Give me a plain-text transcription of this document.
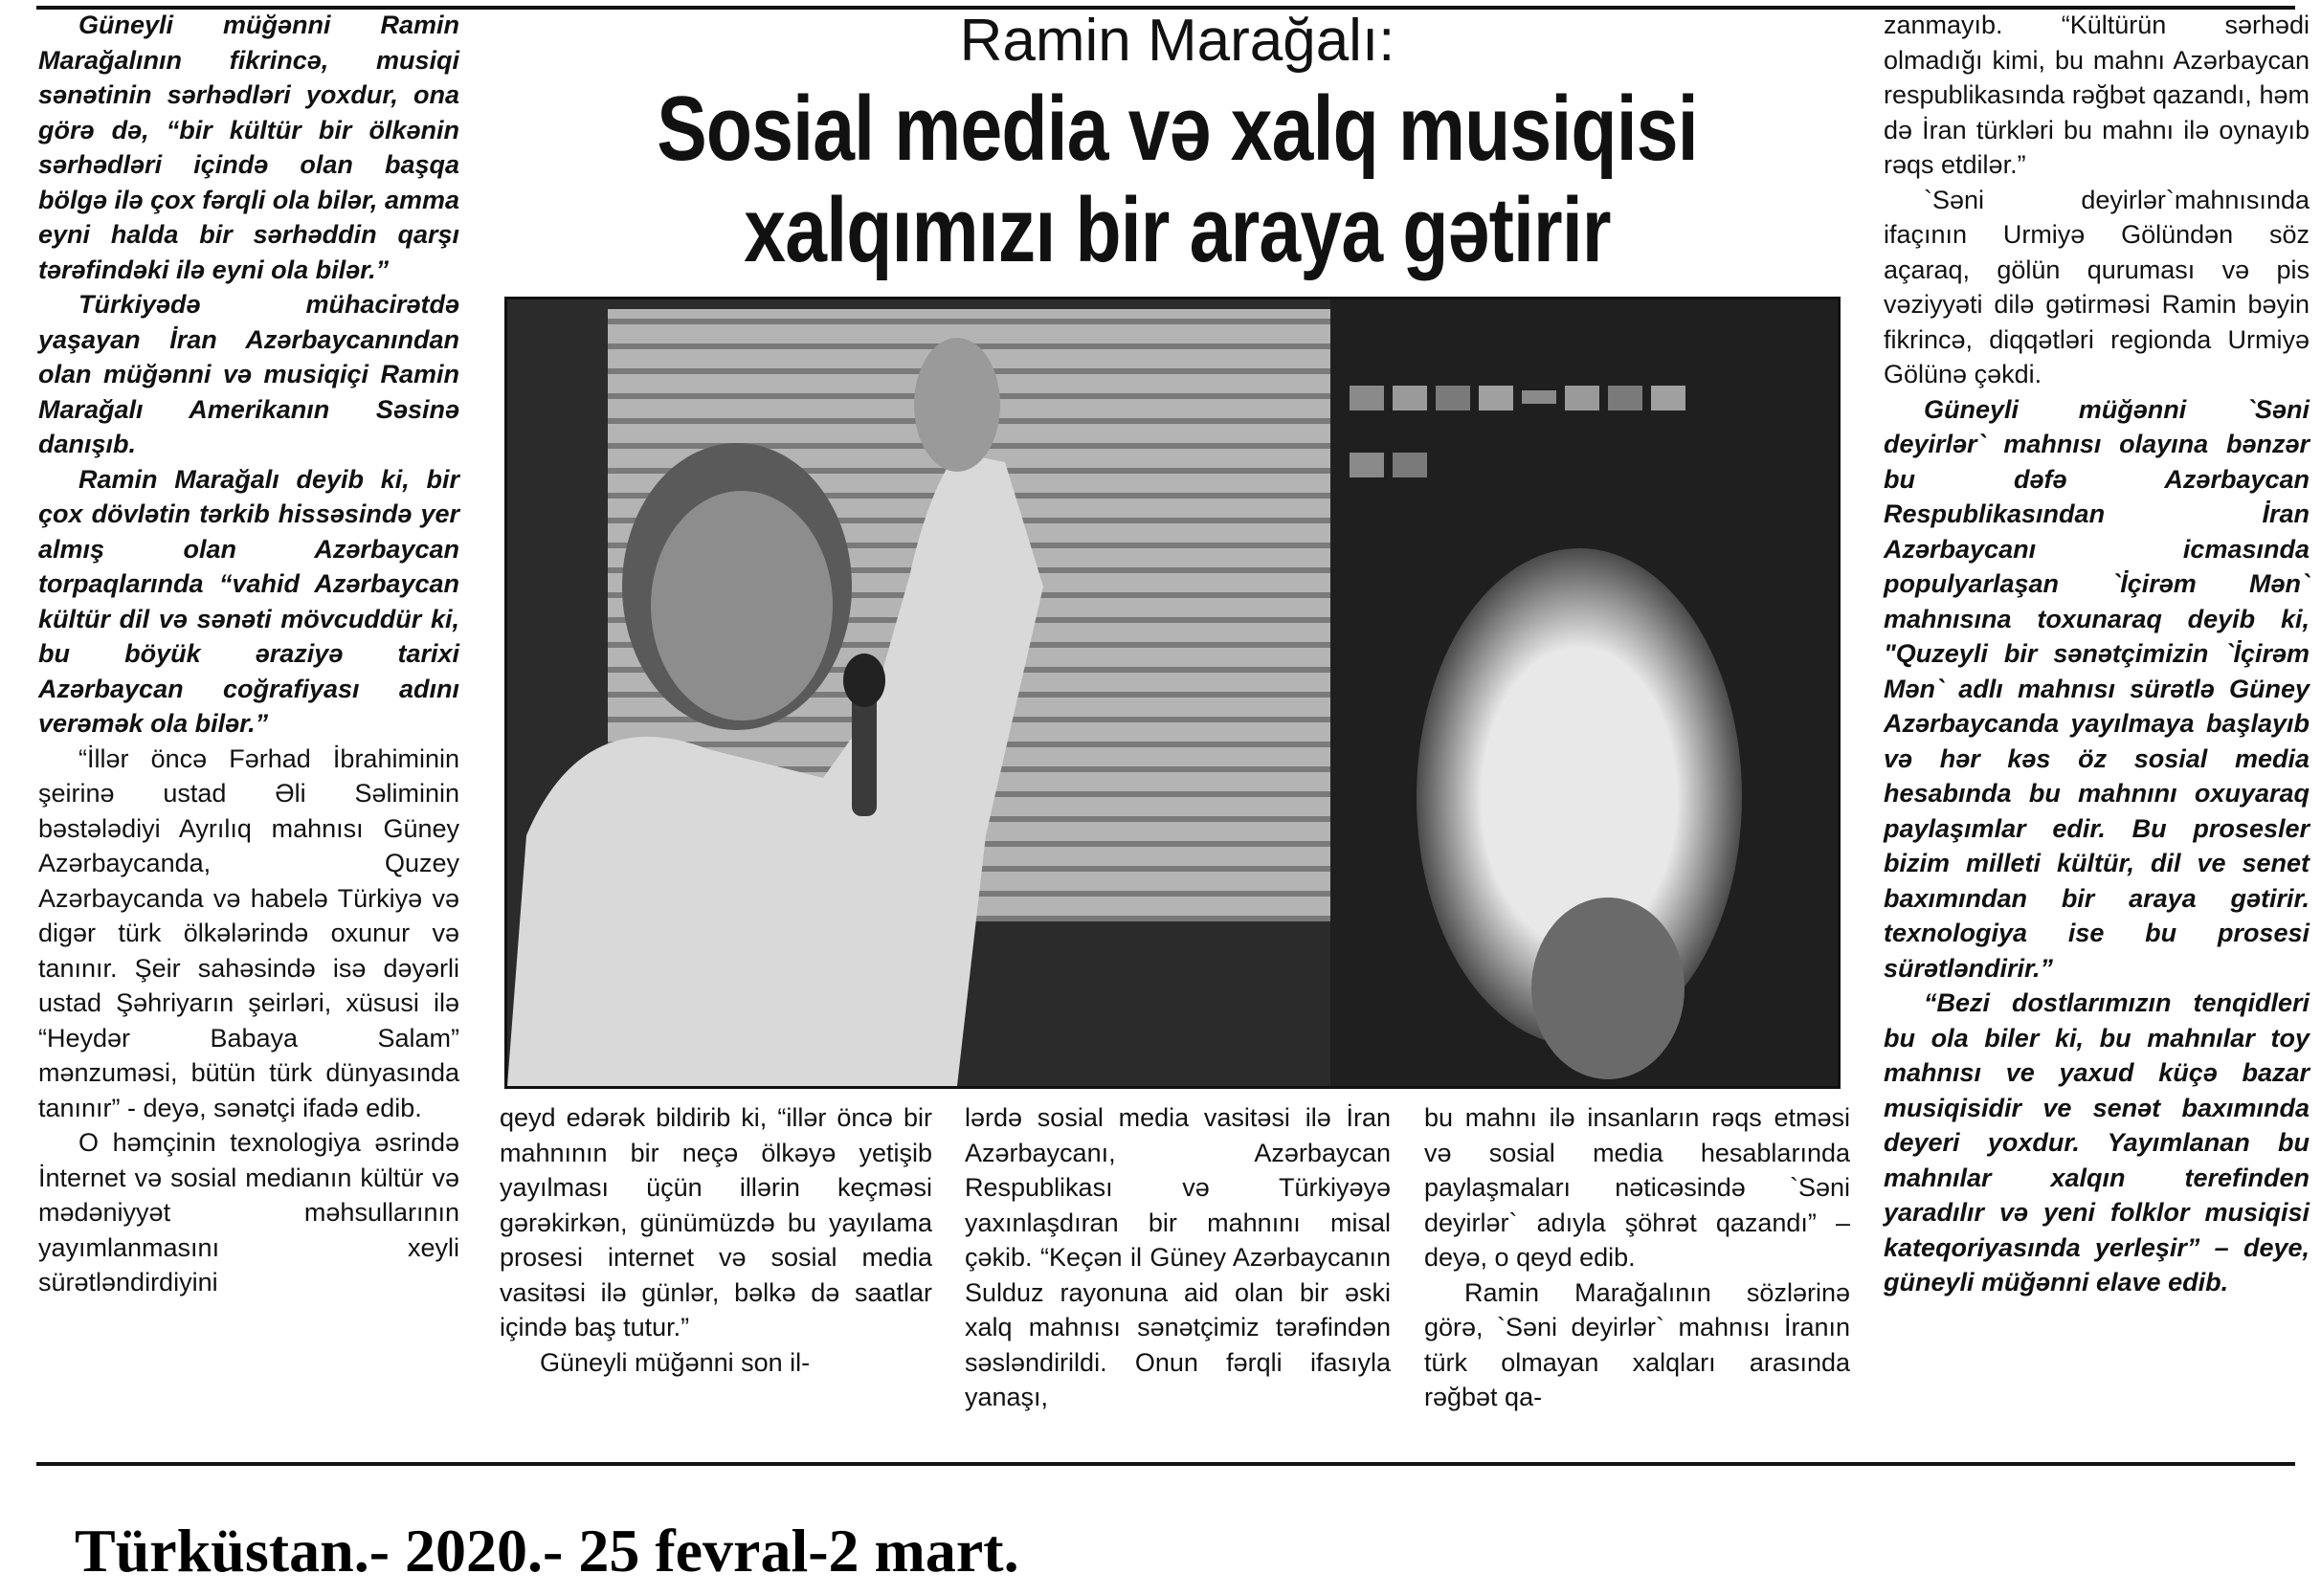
Güneyli müğənni Ramin Marağalının fikrincə, musiqi sənətinin sərhədləri yoxdur, ona görə də, “bir kültür bir ölkənin sərhədləri içində olan başqa bölgə ilə çox fərqli ola bilər, amma eyni halda bir sərhəddin qarşı tərəfindəki ilə eyni ola bilər.”

Türkiyədə mühacirətdə yaşayan İran Azərbaycanından olan müğənni və musiqiçi Ramin Marağalı Amerikanın Səsinə danışıb.

Ramin Marağalı deyib ki, bir çox dövlətin tərkib hissəsində yer almış olan Azərbaycan torpaqlarında “vahid Azərbaycan kültür dil və sənəti mövcuddür ki, bu böyük əraziyə tarixi Azərbaycan coğrafiyası adını verəmək ola bilər.”

“İllər öncə Fərhad İbrahiminin şeirinə ustad Əli Səliminin bəstələdiyi Ayrılıq mahnısı Güney Azərbaycanda, Quzey Azərbaycanda və habelə Türkiyə və digər türk ölkələrində oxunur və tanınır. Şeir sahəsində isə dəyərli ustad Şəhriyarın şeirləri, xüsusi ilə “Heydər Babaya Salam” mənzuməsi, bütün türk dünyasında tanınır” - deyə, sənətçi ifadə edib.

O həmçinin texnologiya əsrində İnternet və sosial medianın kültür və mədəniyyət məhsullarının yayımlanmasını xeyli sürətləndirdiyini

Ramin Marağalı:
Sosial media və xalq musiqisi
xalqımızı bir araya gətirir

qeyd edərək bildirib ki, “illər öncə bir mahnının bir neçə ölkəyə yetişib yayılması üçün illərin keçməsi gərəkirkən, günümüzdə bu yayılama prosesi internet və sosial media vasitəsi ilə günlər, bəlkə də saatlar içində baş tutur.”

Güneyli müğənni son il-

lərdə sosial media vasitəsi ilə İran Azərbaycanı, Azərbaycan Respublikası və Türkiyəyə yaxınlaşdıran bir mahnını misal çəkib. “Keçən il Güney Azərbaycanın Sulduz rayonuna aid olan bir əski xalq mahnısı sənətçimiz tərəfindən səsləndirildi. Onun fərqli ifasıyla yanaşı,

bu mahnı ilə insanların rəqs etməsi və sosial media hesablarında paylaşmaları nəticəsində `Səni deyirlər` adıyla şöhrət qazandı” – deyə, o qeyd edib.

Ramin Marağalının sözlərinə görə, `Səni deyirlər` mahnısı İranın türk olmayan xalqları arasında rəğbət qa-

zanmayıb. “Kültürün sərhədi olmadığı kimi, bu mahnı Azərbaycan respublikasında rəğbət qazandı, həm də İran türkləri bu mahnı ilə oynayıb rəqs etdilər.”

`Səni deyirlər`mahnısında ifaçının Urmiyə Gölündən söz açaraq, gölün quruması və pis vəziyyəti dilə gətirməsi Ramin bəyin fikrincə, diqqətləri regionda Urmiyə Gölünə çəkdi.

Güneyli müğənni `Səni deyirlər` mahnısı olayına bənzər bu dəfə Azərbaycan Respublikasından İran Azərbaycanı icmasında populyarlaşan `İçirəm Mən` mahnısına toxunaraq deyib ki, "Quzeyli bir sənətçimizin `İçirəm Mən` adlı mahnısı sürətlə Güney Azərbaycanda yayılmaya başlayıb və hər kəs öz sosial media hesabında bu mahnını oxuyaraq paylaşımlar edir. Bu prosesler bizim milleti kültür, dil ve senet baxımından bir araya gətirir. texnologiya ise bu prosesi sürətləndirir.”

“Bezi dostlarımızın tenqidleri bu ola biler ki, bu mahnılar toy mahnısı ve yaxud küçə bazar musiqisidir ve senət baxımında deyeri yoxdur. Yayımlanan bu mahnılar xalqın terefinden yaradılır və yeni folklor musiqisi kateqoriyasında yerleşir” – deye, güneyli müğənni elave edib.

Türküstan.- 2020.- 25 fevral-2 mart.
